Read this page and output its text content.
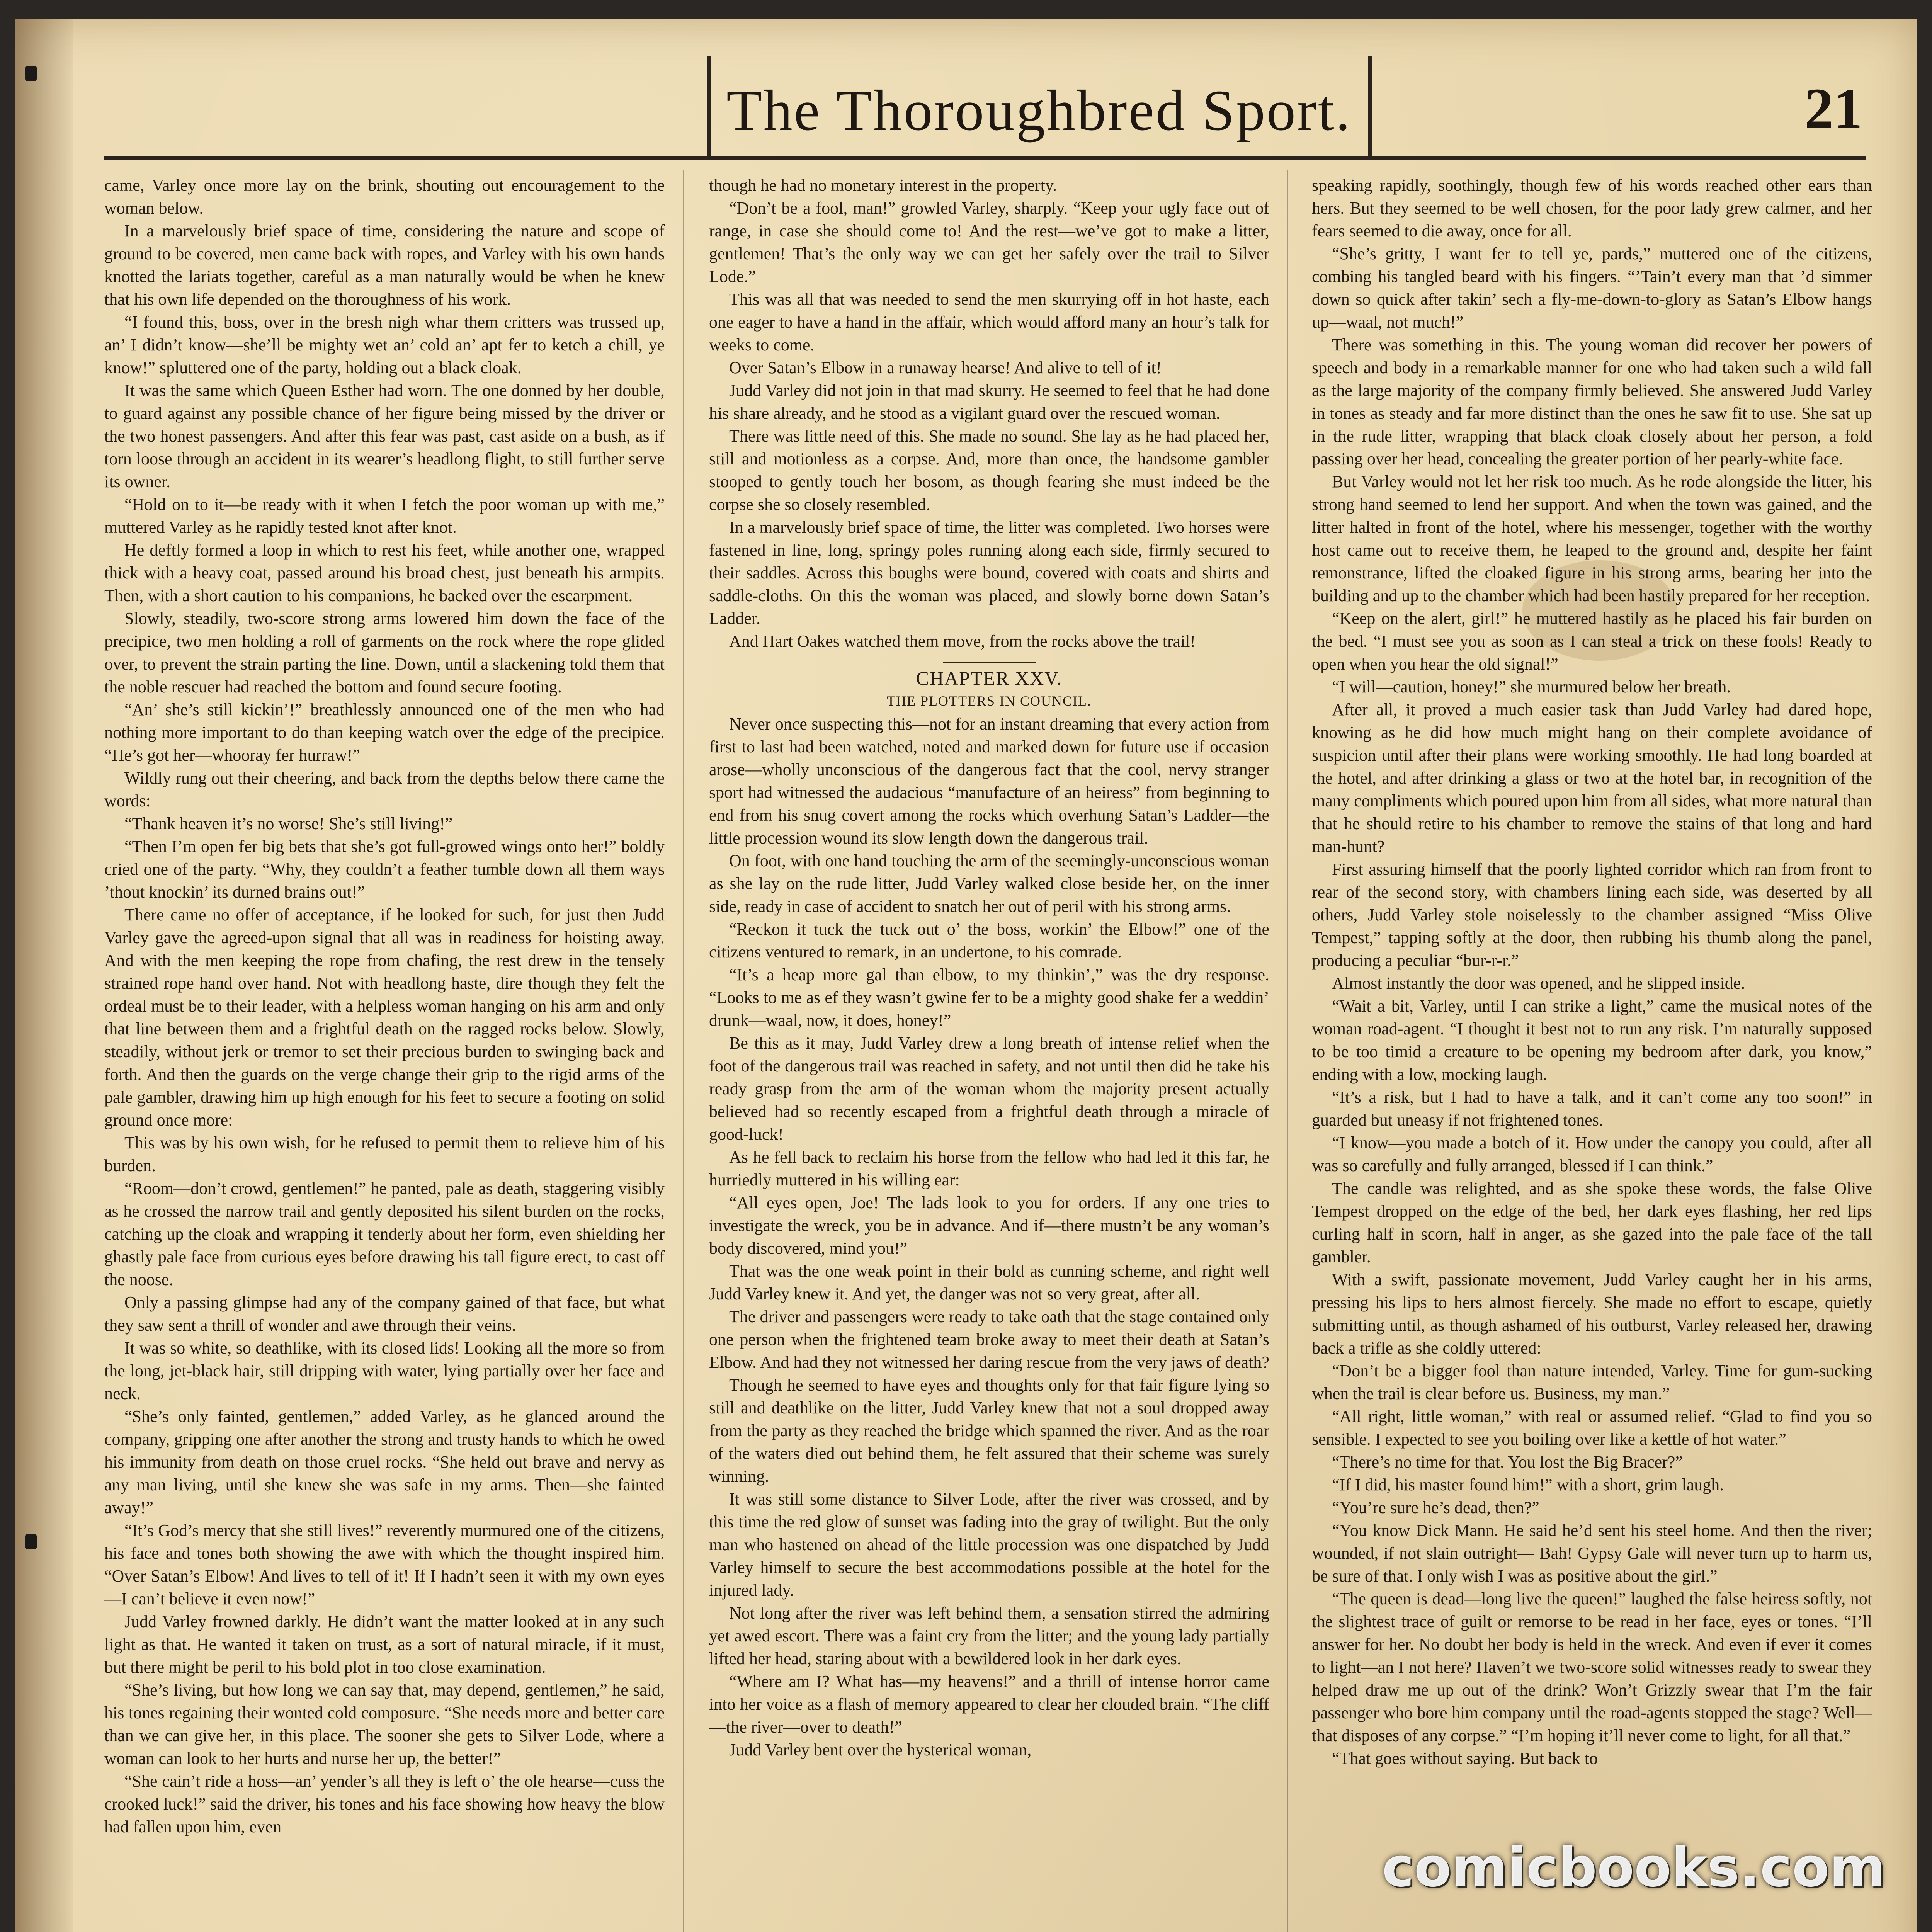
The Thoroughbred Sport.	21

came, Varley once more lay on the brink, shouting out encouragement to the woman below.

In a marvelously brief space of time, considering the nature and scope of ground to be covered, men came back with ropes, and Varley with his own hands knotted the lariats together, careful as a man naturally would be when he knew that his own life depended on the thoroughness of his work.

“I found this, boss, over in the bresh nigh whar them critters was trussed up, an’ I didn’t know—she’ll be mighty wet an’ cold an’ apt fer to ketch a chill, ye know!” spluttered one of the party, holding out a black cloak.

It was the same which Queen Esther had worn. The one donned by her double, to guard against any possible chance of her figure being missed by the driver or the two honest passengers. And after this fear was past, cast aside on a bush, as if torn loose through an accident in its wearer’s headlong flight, to still further serve its owner.

“Hold on to it—be ready with it when I fetch the poor woman up with me,” muttered Varley as he rapidly tested knot after knot.

He deftly formed a loop in which to rest his feet, while another one, wrapped thick with a heavy coat, passed around his broad chest, just beneath his armpits. Then, with a short caution to his companions, he backed over the escarpment.

Slowly, steadily, two-score strong arms lowered him down the face of the precipice, two men holding a roll of garments on the rock where the rope glided over, to prevent the strain parting the line. Down, until a slackening told them that the noble rescuer had reached the bottom and found secure footing.

“An’ she’s still kickin’!” breathlessly announced one of the men who had nothing more important to do than keeping watch over the edge of the precipice. “He’s got her—whooray fer hurraw!”

Wildly rung out their cheering, and back from the depths below there came the words:

“Thank heaven it’s no worse! She’s still living!”

“Then I’m open fer big bets that she’s got full-growed wings onto her!” boldly cried one of the party. “Why, they couldn’t a feather tumble down all them ways ’thout knockin’ its durned brains out!”

There came no offer of acceptance, if he looked for such, for just then Judd Varley gave the agreed-upon signal that all was in readiness for hoisting away. And with the men keeping the rope from chafing, the rest drew in the tensely strained rope hand over hand. Not with headlong haste, dire though they felt the ordeal must be to their leader, with a helpless woman hanging on his arm and only that line between them and a frightful death on the ragged rocks below. Slowly, steadily, without jerk or tremor to set their precious burden to swinging back and forth. And then the guards on the verge change their grip to the rigid arms of the pale gambler, drawing him up high enough for his feet to secure a footing on solid ground once more:

This was by his own wish, for he refused to permit them to relieve him of his burden.

“Room—don’t crowd, gentlemen!” he panted, pale as death, staggering visibly as he crossed the narrow trail and gently deposited his silent burden on the rocks, catching up the cloak and wrapping it tenderly about her form, even shielding her ghastly pale face from curious eyes before drawing his tall figure erect, to cast off the noose.

Only a passing glimpse had any of the company gained of that face, but what they saw sent a thrill of wonder and awe through their veins.

It was so white, so deathlike, with its closed lids! Looking all the more so from the long, jet-black hair, still dripping with water, lying partially over her face and neck.

“She’s only fainted, gentlemen,” added Varley, as he glanced around the company, gripping one after another the strong and trusty hands to which he owed his immunity from death on those cruel rocks. “She held out brave and nervy as any man living, until she knew she was safe in my arms. Then—she fainted away!”

“It’s God’s mercy that she still lives!” reverently murmured one of the citizens, his face and tones both showing the awe with which the thought inspired him. “Over Satan’s Elbow! And lives to tell of it! If I hadn’t seen it with my own eyes—I can’t believe it even now!”

Judd Varley frowned darkly. He didn’t want the matter looked at in any such light as that. He wanted it taken on trust, as a sort of natural miracle, if it must, but there might be peril to his bold plot in too close examination.

“She’s living, but how long we can say that, may depend, gentlemen,” he said, his tones regaining their wonted cold composure. “She needs more and better care than we can give her, in this place. The sooner she gets to Silver Lode, where a woman can look to her hurts and nurse her up, the better!”

“She cain’t ride a hoss—an’ yender’s all they is left o’ the ole hearse—cuss the crooked luck!” said the driver, his tones and his face showing how heavy the blow had fallen upon him, even

though he had no monetary interest in the property.

“Don’t be a fool, man!” growled Varley, sharply. “Keep your ugly face out of range, in case she should come to! And the rest—we’ve got to make a litter, gentlemen! That’s the only way we can get her safely over the trail to Silver Lode.”

This was all that was needed to send the men skurrying off in hot haste, each one eager to have a hand in the affair, which would afford many an hour’s talk for weeks to come.

Over Satan’s Elbow in a runaway hearse! And alive to tell of it!

Judd Varley did not join in that mad skurry. He seemed to feel that he had done his share already, and he stood as a vigilant guard over the rescued woman.

There was little need of this. She made no sound. She lay as he had placed her, still and motionless as a corpse. And, more than once, the handsome gambler stooped to gently touch her bosom, as though fearing she must indeed be the corpse she so closely resembled.

In a marvelously brief space of time, the litter was completed. Two horses were fastened in line, long, springy poles running along each side, firmly secured to their saddles. Across this boughs were bound, covered with coats and shirts and saddle-cloths. On this the woman was placed, and slowly borne down Satan’s Ladder.

And Hart Oakes watched them move, from the rocks above the trail!

CHAPTER XXV.

THE PLOTTERS IN COUNCIL.

Never once suspecting this—not for an instant dreaming that every action from first to last had been watched, noted and marked down for future use if occasion arose—wholly unconscious of the dangerous fact that the cool, nervy stranger sport had witnessed the audacious “manufacture of an heiress” from beginning to end from his snug covert among the rocks which overhung Satan’s Ladder—the little procession wound its slow length down the dangerous trail.

On foot, with one hand touching the arm of the seemingly-unconscious woman as she lay on the rude litter, Judd Varley walked close beside her, on the inner side, ready in case of accident to snatch her out of peril with his strong arms.

“Reckon it tuck the tuck out o’ the boss, workin’ the Elbow!” one of the citizens ventured to remark, in an undertone, to his comrade.

“It’s a heap more gal than elbow, to my thinkin’,” was the dry response. “Looks to me as ef they wasn’t gwine fer to be a mighty good shake fer a weddin’ drunk—waal, now, it does, honey!”

Be this as it may, Judd Varley drew a long breath of intense relief when the foot of the dangerous trail was reached in safety, and not until then did he take his ready grasp from the arm of the woman whom the majority present actually believed had so recently escaped from a frightful death through a miracle of good-luck!

As he fell back to reclaim his horse from the fellow who had led it this far, he hurriedly muttered in his willing ear:

“All eyes open, Joe! The lads look to you for orders. If any one tries to investigate the wreck, you be in advance. And if—there mustn’t be any woman’s body discovered, mind you!”

That was the one weak point in their bold as cunning scheme, and right well Judd Varley knew it. And yet, the danger was not so very great, after all.

The driver and passengers were ready to take oath that the stage contained only one person when the frightened team broke away to meet their death at Satan’s Elbow. And had they not witnessed her daring rescue from the very jaws of death?

Though he seemed to have eyes and thoughts only for that fair figure lying so still and deathlike on the litter, Judd Varley knew that not a soul dropped away from the party as they reached the bridge which spanned the river. And as the roar of the waters died out behind them, he felt assured that their scheme was surely winning.

It was still some distance to Silver Lode, after the river was crossed, and by this time the red glow of sunset was fading into the gray of twilight. But the only man who hastened on ahead of the little procession was one dispatched by Judd Varley himself to secure the best accommodations possible at the hotel for the injured lady.

Not long after the river was left behind them, a sensation stirred the admiring yet awed escort. There was a faint cry from the litter; and the young lady partially lifted her head, staring about with a bewildered look in her dark eyes.

“Where am I? What has—my heavens!” and a thrill of intense horror came into her voice as a flash of memory appeared to clear her clouded brain. “The cliff—the river—over to death!”

Judd Varley bent over the hysterical woman,

speaking rapidly, soothingly, though few of his words reached other ears than hers. But they seemed to be well chosen, for the poor lady grew calmer, and her fears seemed to die away, once for all.

“She’s gritty, I want fer to tell ye, pards,” muttered one of the citizens, combing his tangled beard with his fingers. “’Tain’t every man that ’d simmer down so quick after takin’ sech a fly-me-down-to-glory as Satan’s Elbow hangs up—waal, not much!”

There was something in this. The young woman did recover her powers of speech and body in a remarkable manner for one who had taken such a wild fall as the large majority of the company firmly believed. She answered Judd Varley in tones as steady and far more distinct than the ones he saw fit to use. She sat up in the rude litter, wrapping that black cloak closely about her person, a fold passing over her head, concealing the greater portion of her pearly-white face.

But Varley would not let her risk too much. As he rode alongside the litter, his strong hand seemed to lend her support. And when the town was gained, and the litter halted in front of the hotel, where his messenger, together with the worthy host came out to receive them, he leaped to the ground and, despite her faint remonstrance, lifted the cloaked figure in his strong arms, bearing her into the building and up to the chamber which had been hastily prepared for her reception.

“Keep on the alert, girl!” he muttered hastily as he placed his fair burden on the bed. “I must see you as soon as I can steal a trick on these fools! Ready to open when you hear the old signal!”

“I will—caution, honey!” she murmured below her breath.

After all, it proved a much easier task than Judd Varley had dared hope, knowing as he did how much might hang on their complete avoidance of suspicion until after their plans were working smoothly. He had long boarded at the hotel, and after drinking a glass or two at the hotel bar, in recognition of the many compliments which poured upon him from all sides, what more natural than that he should retire to his chamber to remove the stains of that long and hard man-hunt?

First assuring himself that the poorly lighted corridor which ran from front to rear of the second story, with chambers lining each side, was deserted by all others, Judd Varley stole noiselessly to the chamber assigned “Miss Olive Tempest,” tapping softly at the door, then rubbing his thumb along the panel, producing a peculiar “bur-r-r.”

Almost instantly the door was opened, and he slipped inside.

“Wait a bit, Varley, until I can strike a light,” came the musical notes of the woman road-agent. “I thought it best not to run any risk. I’m naturally supposed to be too timid a creature to be opening my bedroom after dark, you know,” ending with a low, mocking laugh.

“It’s a risk, but I had to have a talk, and it can’t come any too soon!” in guarded but uneasy if not frightened tones.

“I know—you made a botch of it. How under the canopy you could, after all was so carefully and fully arranged, blessed if I can think.”

The candle was relighted, and as she spoke these words, the false Olive Tempest dropped on the edge of the bed, her dark eyes flashing, her red lips curling half in scorn, half in anger, as she gazed into the pale face of the tall gambler.

With a swift, passionate movement, Judd Varley caught her in his arms, pressing his lips to hers almost fiercely. She made no effort to escape, quietly submitting until, as though ashamed of his outburst, Varley released her, drawing back a trifle as she coldly uttered:

“Don’t be a bigger fool than nature intended, Varley. Time for gum-sucking when the trail is clear before us. Business, my man.”

“All right, little woman,” with real or assumed relief. “Glad to find you so sensible. I expected to see you boiling over like a kettle of hot water.”

“There’s no time for that. You lost the Big Bracer?”

“If I did, his master found him!” with a short, grim laugh.

“You’re sure he’s dead, then?”

“You know Dick Mann. He said he’d sent his steel home. And then the river; wounded, if not slain outright— Bah! Gypsy Gale will never turn up to harm us, be sure of that. I only wish I was as positive about the girl.”

“The queen is dead—long live the queen!” laughed the false heiress softly, not the slightest trace of guilt or remorse to be read in her face, eyes or tones. “I’ll answer for her. No doubt her body is held in the wreck. And even if ever it comes to light—an I not here? Haven’t we two-score solid witnesses ready to swear they helped draw me up out of the drink? Won’t Grizzly swear that I’m the fair passenger who bore him company until the road-agents stopped the stage? Well—that disposes of any corpse.” “I’m hoping it’ll never come to light, for all that.”

“That goes without saying. But back to

comicbooks.com
